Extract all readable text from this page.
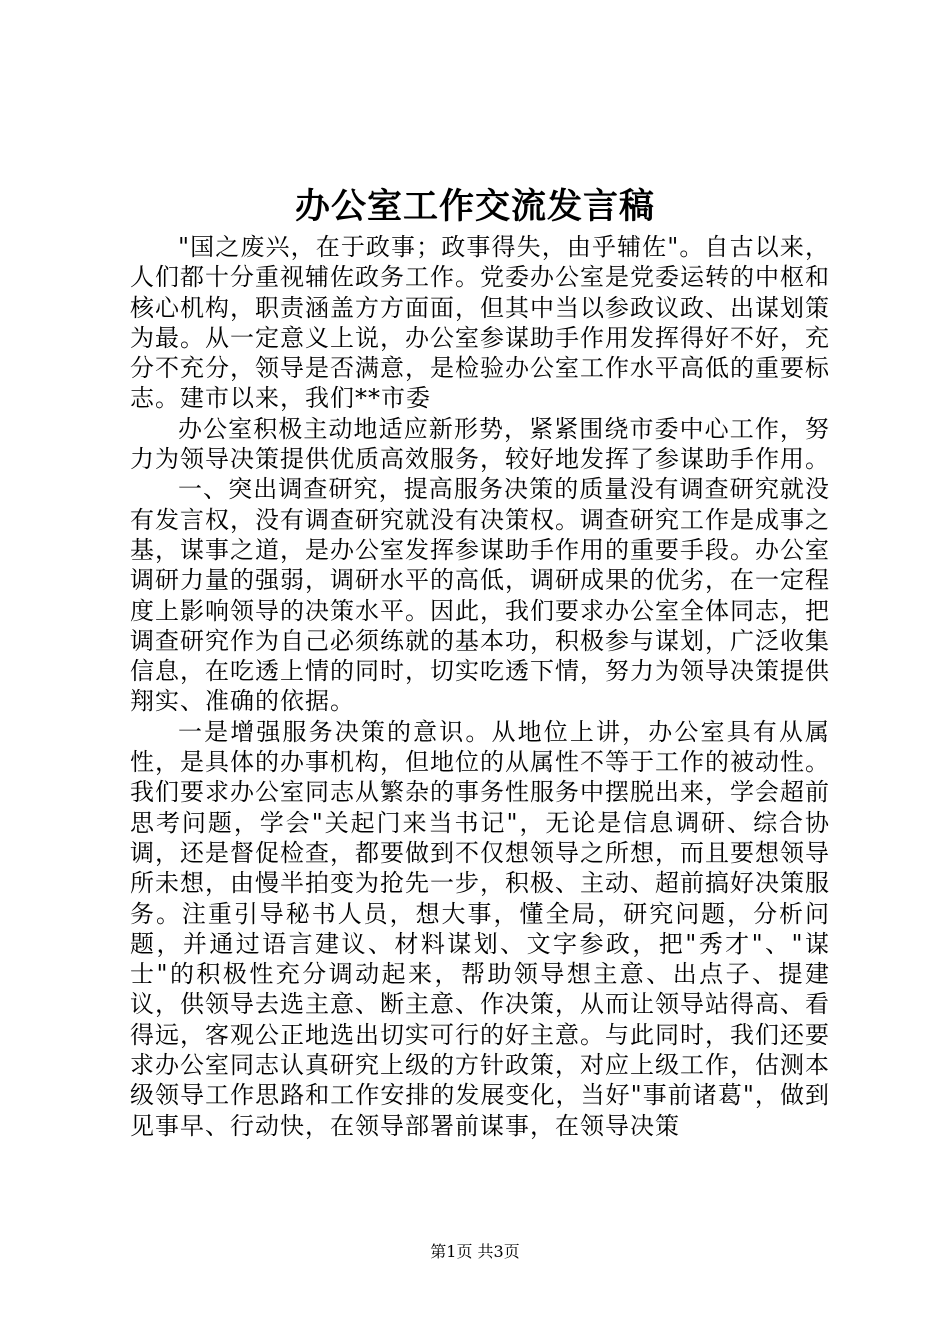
办公室工作交流发言稿

"国之废兴，在于政事；政事得失，由乎辅佐"。自古以来，人们都十分重视辅佐政务工作。党委办公室是党委运转的中枢和核心机构，职责涵盖方方面面，但其中当以参政议政、出谋划策为最。从一定意义上说，办公室参谋助手作用发挥得好不好，充分不充分，领导是否满意，是检验办公室工作水平高低的重要标志。建市以来，我们**市委

办公室积极主动地适应新形势，紧紧围绕市委中心工作，努力为领导决策提供优质高效服务，较好地发挥了参谋助手作用。

一、突出调查研究，提高服务决策的质量没有调查研究就没有发言权，没有调查研究就没有决策权。调查研究工作是成事之基，谋事之道，是办公室发挥参谋助手作用的重要手段。办公室调研力量的强弱，调研水平的高低，调研成果的优劣，在一定程度上影响领导的决策水平。因此，我们要求办公室全体同志，把调查研究作为自己必须练就的基本功，积极参与谋划，广泛收集信息，在吃透上情的同时，切实吃透下情，努力为领导决策提供翔实、准确的依据。

一是增强服务决策的意识。从地位上讲，办公室具有从属性，是具体的办事机构，但地位的从属性不等于工作的被动性。我们要求办公室同志从繁杂的事务性服务中摆脱出来，学会超前思考问题，学会"关起门来当书记"，无论是信息调研、综合协调，还是督促检查，都要做到不仅想领导之所想，而且要想领导所未想，由慢半拍变为抢先一步，积极、主动、超前搞好决策服务。注重引导秘书人员，想大事，懂全局，研究问题，分析问题，并通过语言建议、材料谋划、文字参政，把"秀才"、"谋士"的积极性充分调动起来，帮助领导想主意、出点子、提建议，供领导去选主意、断主意、作决策，从而让领导站得高、看得远，客观公正地选出切实可行的好主意。与此同时，我们还要求办公室同志认真研究上级的方针政策，对应上级工作，估测本级领导工作思路和工作安排的发展变化，当好"事前诸葛"，做到见事早、行动快，在领导部署前谋事，在领导决策

第1页 共3页
